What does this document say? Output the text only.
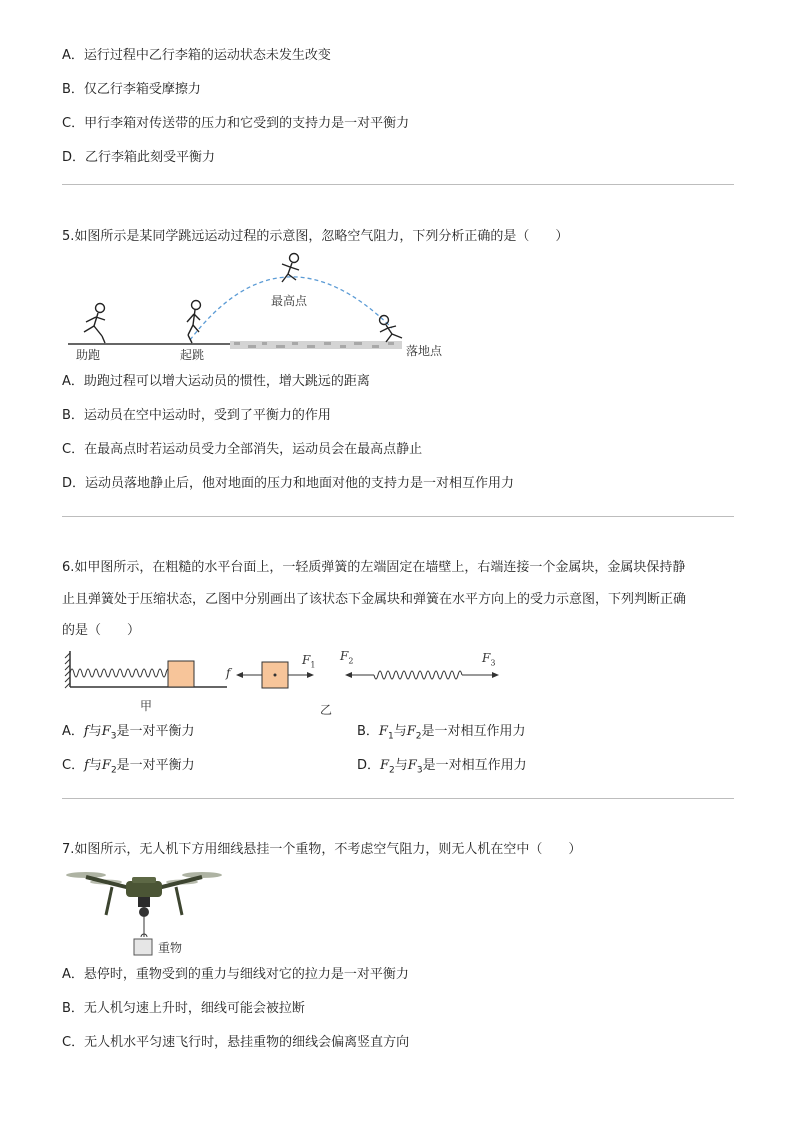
A．运行过程中乙行李箱的运动状态未发生改变
B．仅乙行李箱受摩擦力
C．甲行李箱对传送带的压力和它受到的支持力是一对平衡力
D．乙行李箱此刻受平衡力
5.如图所示是某同学跳远运动过程的示意图，忽略空气阻力，下列分析正确的是（　　）
助跑	起跳
最高点
落地点
A．助跑过程可以增大运动员的惯性，增大跳远的距离
B．运动员在空中运动时，受到了平衡力的作用
C．在最高点时若运动员受力全部消失，运动员会在最高点静止
D．运动员落地静止后，他对地面的压力和地面对他的支持力是一对相互作用力
6.如甲图所示，在粗糙的水平台面上，一轻质弹簧的左端固定在墙壁上，右端连接一个金属块，金属块保持静
止且弹簧处于压缩状态，乙图中分别画出了该状态下金属块和弹簧在水平方向上的受力示意图，下列判断正确
的是（　　）
甲	乙
f
$F_1$
$F_2$	$F_3$
A．f与$F_3$是一对平衡力	B．$F_1$与$F_2$是一对相互作用力
C．f与$F_2$是一对平衡力	D．$F_2$与$F_3$是一对相互作用力
7.如图所示，无人机下方用细线悬挂一个重物，不考虑空气阻力，则无人机在空中（　　）
重物
A．悬停时，重物受到的重力与细线对它的拉力是一对平衡力
B．无人机匀速上升时，细线可能会被拉断
C．无人机水平匀速飞行时，悬挂重物的细线会偏离竖直方向
